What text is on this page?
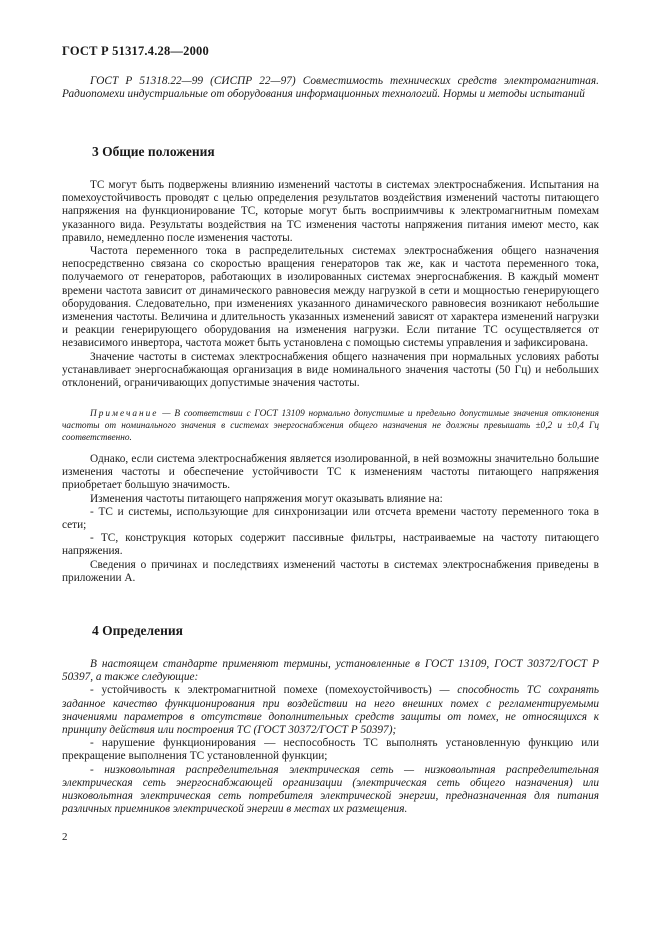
ГОСТ Р 51317.4.28—2000

ГОСТ Р 51318.22—99 (СИСПР 22—97) Совместимость технических средств электромагнитная. Радиопомехи индустриальные от оборудования информационных технологий. Нормы и методы испытаний

3 Общие положения

ТС могут быть подвержены влиянию изменений частоты в системах электроснабжения. Испытания на помехоустойчивость проводят с целью определения результатов воздействия изменений частоты питающего напряжения на функционирование ТС, которые могут быть восприимчивы к электромагнитным помехам указанного вида. Результаты воздействия на ТС изменения частоты напряжения питания имеют место, как правило, немедленно после изменения частоты.

Частота переменного тока в распределительных системах электроснабжения общего назначения непосредственно связана со скоростью вращения генераторов так же, как и частота переменного тока, получаемого от генераторов, работающих в изолированных системах энергоснабжения. В каждый момент времени частота зависит от динамического равновесия между нагрузкой в сети и мощностью генерирующего оборудования. Следовательно, при изменениях указанного динамического равновесия возникают небольшие изменения частоты. Величина и длительность указанных изменений зависят от характера изменений нагрузки и реакции генерирующего оборудования на изменения нагрузки. Если питание ТС осуществляется от независимого инвертора, частота может быть установлена с помощью системы управления и зафиксирована.

Значение частоты в системах электроснабжения общего назначения при нормальных условиях работы устанавливает энергоснабжающая организация в виде номинального значения частоты (50 Гц) и небольших отклонений, ограничивающих допустимые значения частоты.

Примечание — В соответствии с ГОСТ 13109 нормально допустимые и предельно допустимые значения отклонения частоты от номинального значения в системах энергоснабжения общего назначения не должны превышать ±0,2 и ±0,4 Гц соответственно.

Однако, если система электроснабжения является изолированной, в ней возможны значительно большие изменения частоты и обеспечение устойчивости ТС к изменениям частоты питающего напряжения приобретает большую значимость.

Изменения частоты питающего напряжения могут оказывать влияние на:

- ТС и системы, использующие для синхронизации или отсчета времени частоту переменного тока в сети;

- ТС, конструкция которых содержит пассивные фильтры, настраиваемые на частоту питающего напряжения.

Сведения о причинах и последствиях изменений частоты в системах электроснабжения приведены в приложении А.

4 Определения

В настоящем стандарте применяют термины, установленные в ГОСТ 13109, ГОСТ 30372/ГОСТ Р 50397, а также следующие:

- устойчивость к электромагнитной помехе (помехоустойчивость) — способность ТС сохранять заданное качество функционирования при воздействии на него внешних помех с регламентируемыми значениями параметров в отсутствие дополнительных средств защиты от помех, не относящихся к принципу действия или построения ТС (ГОСТ 30372/ГОСТ Р 50397);

- нарушение функционирования — неспособность ТС выполнять установленную функцию или прекращение выполнения ТС установленной функции;

- низковольтная распределительная электрическая сеть — низковольтная распределительная электрическая сеть энергоснабжающей организации (электрическая сеть общего назначения) или низковольтная электрическая сеть потребителя электрической энергии, предназначенная для питания различных приемников электрической энергии в местах их размещения.

2
